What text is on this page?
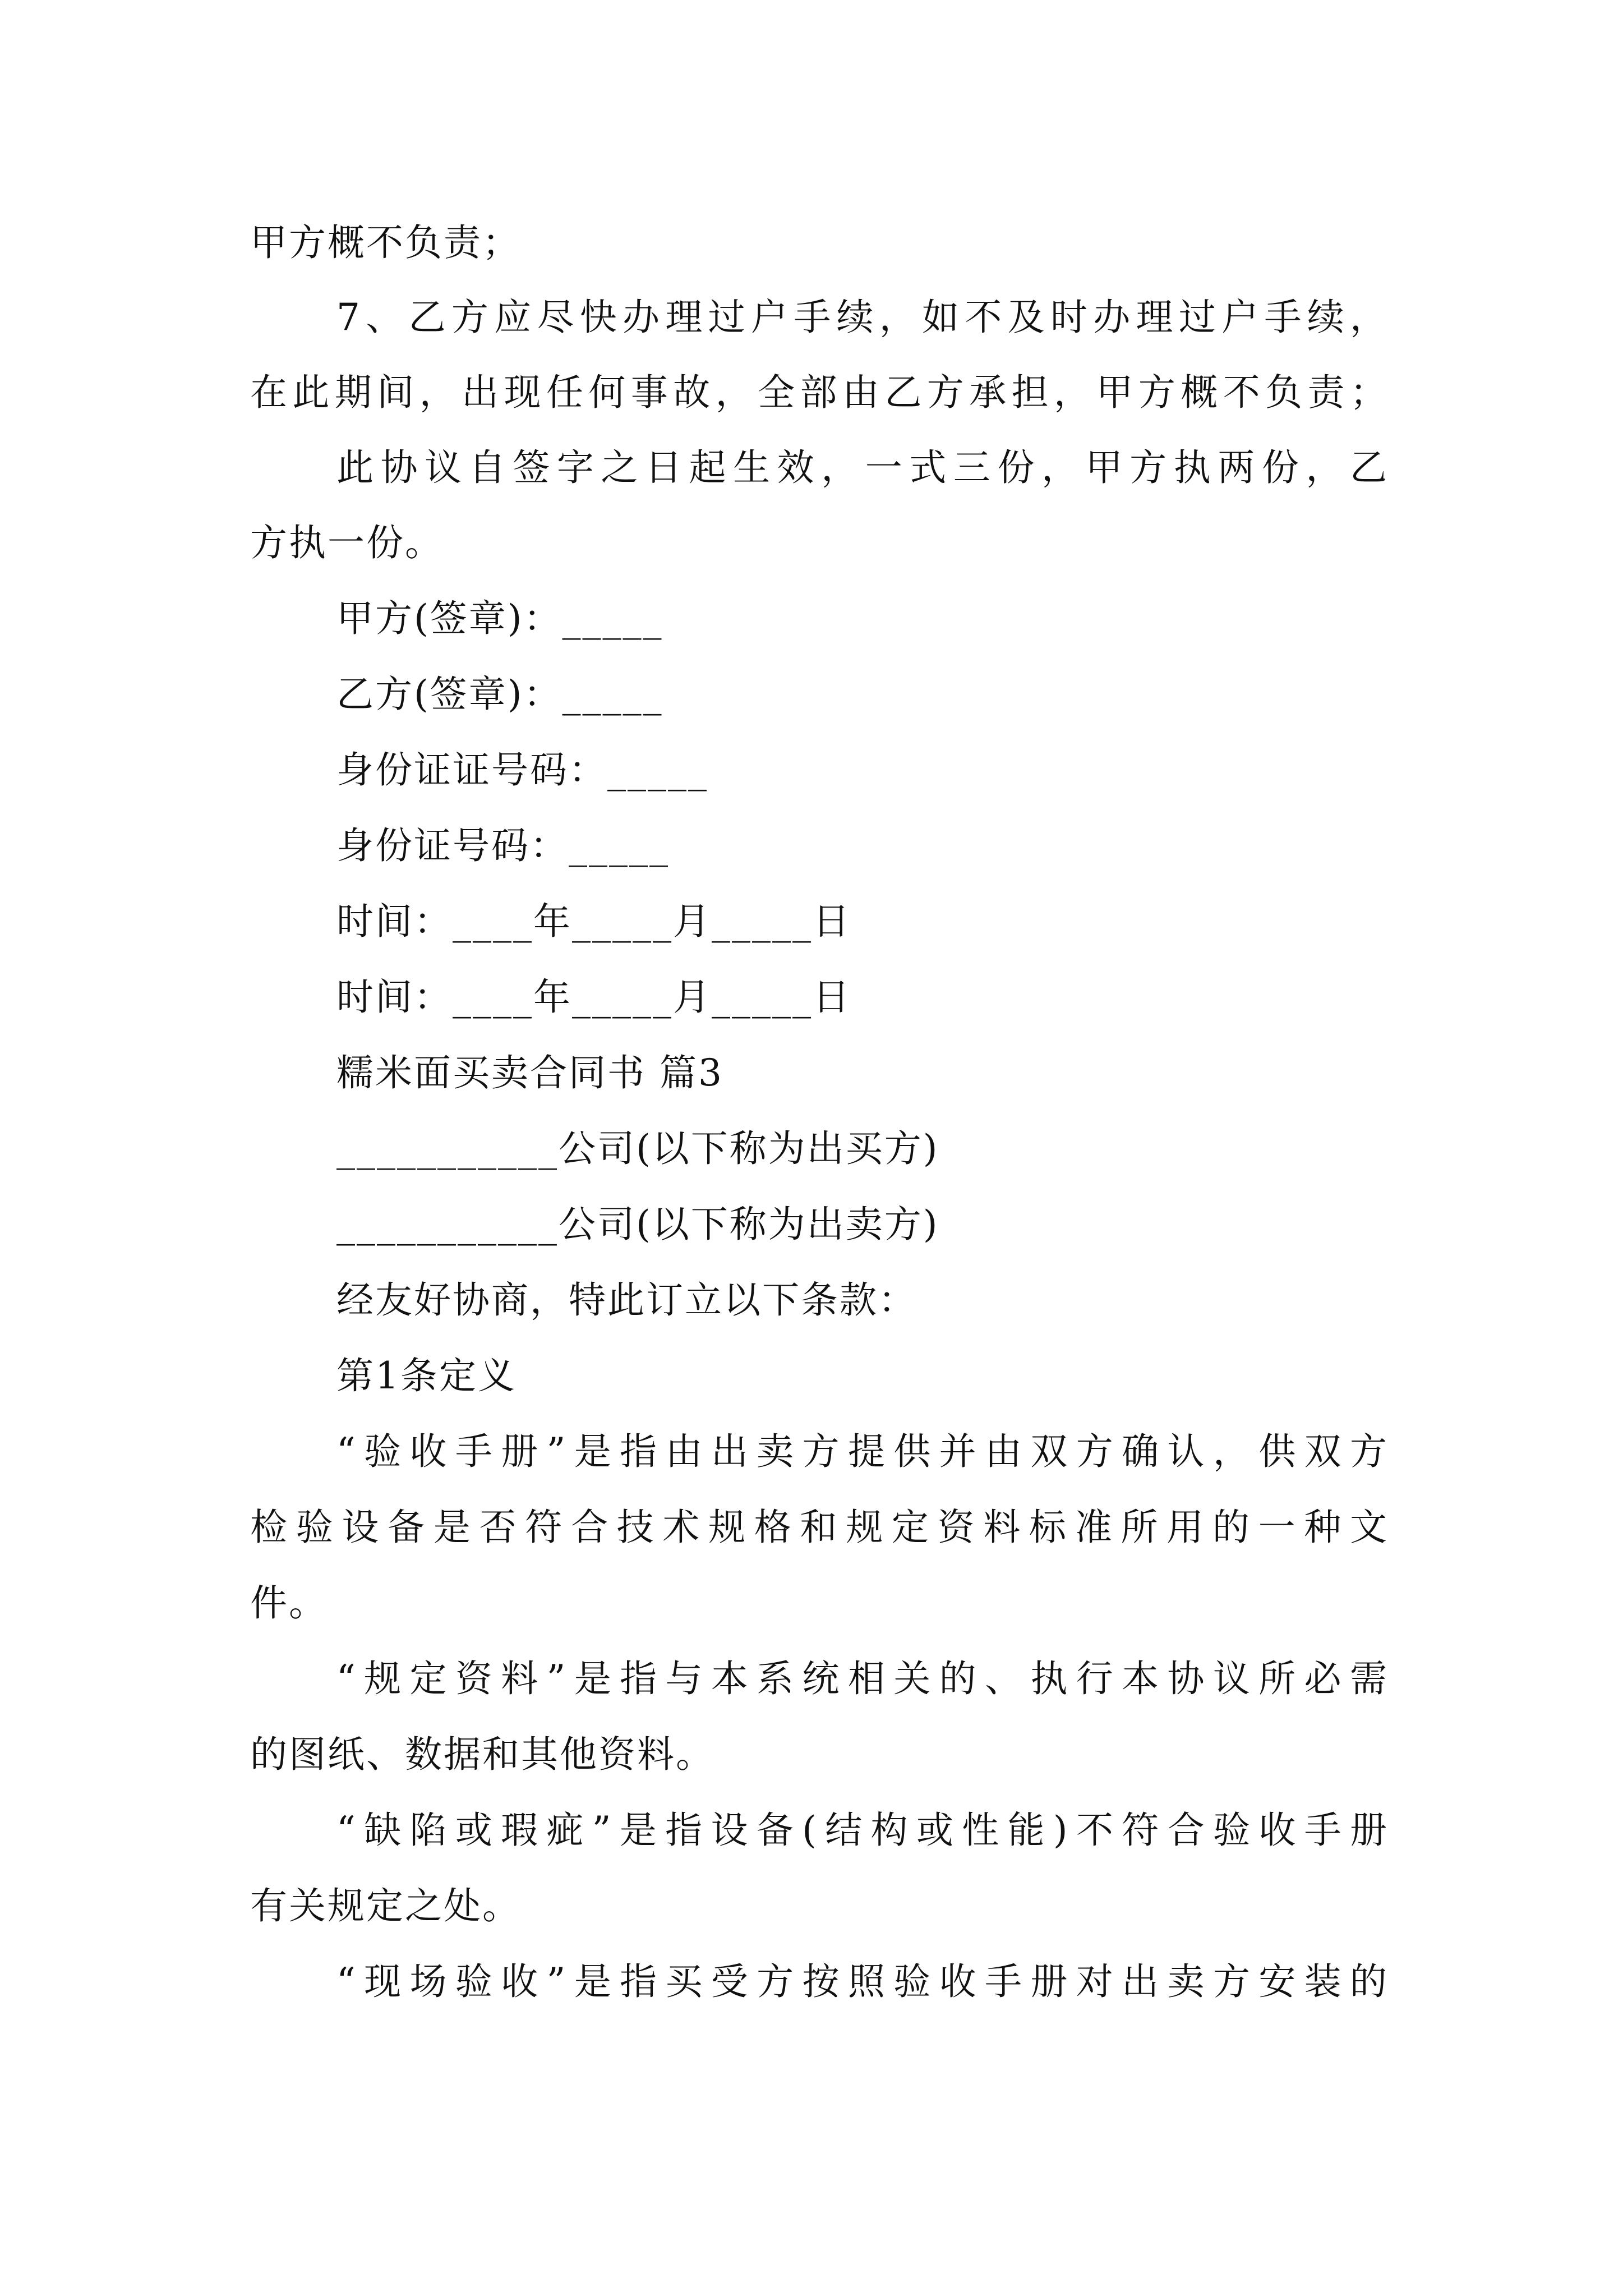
甲方概不负责；
7、乙方应尽快办理过户手续，如不及时办理过户手续，
在此期间，出现任何事故，全部由乙方承担，甲方概不负责；
此协议自签字之日起生效，一式三份，甲方执两份，乙
方执一份。
甲方(签章)：_____
乙方(签章)：_____
身份证证号码：_____
身份证号码：_____
时间：____年_____月_____日
时间：____年_____月_____日
糯米面买卖合同书 篇3
___________公司(以下称为出买方)
___________公司(以下称为出卖方)
经友好协商，特此订立以下条款：
第1条定义
“验收手册”是指由出卖方提供并由双方确认，供双方
检验设备是否符合技术规格和规定资料标准所用的一种文
件。
“规定资料”是指与本系统相关的、执行本协议所必需
的图纸、数据和其他资料。
“缺陷或瑕疵”是指设备(结构或性能)不符合验收手册
有关规定之处。
“现场验收”是指买受方按照验收手册对出卖方安装的
